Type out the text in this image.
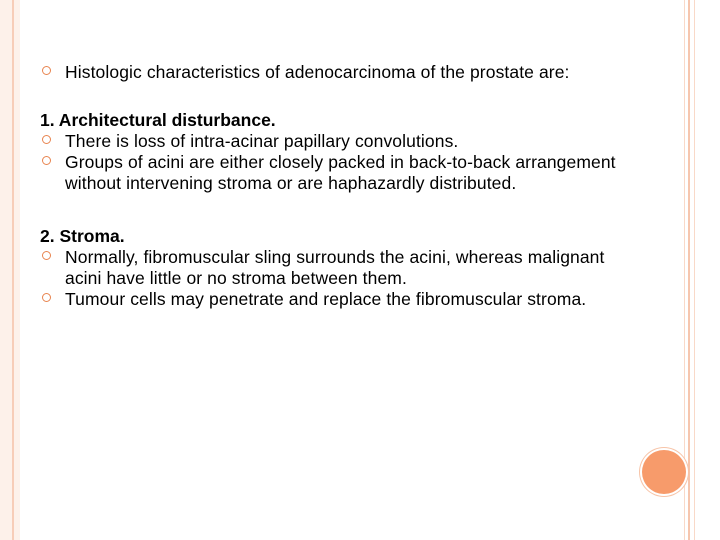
Histologic characteristics of adenocarcinoma of the prostate are:
1. Architectural disturbance.
There is loss of intra-acinar papillary convolutions.
Groups of acini are either closely packed in back-to-back arrangement without intervening stroma or are haphazardly distributed.
2. Stroma.
Normally, fibromuscular sling surrounds the acini, whereas malignant acini have little or no stroma between them.
Tumour cells may penetrate and replace the fibromuscular stroma.
